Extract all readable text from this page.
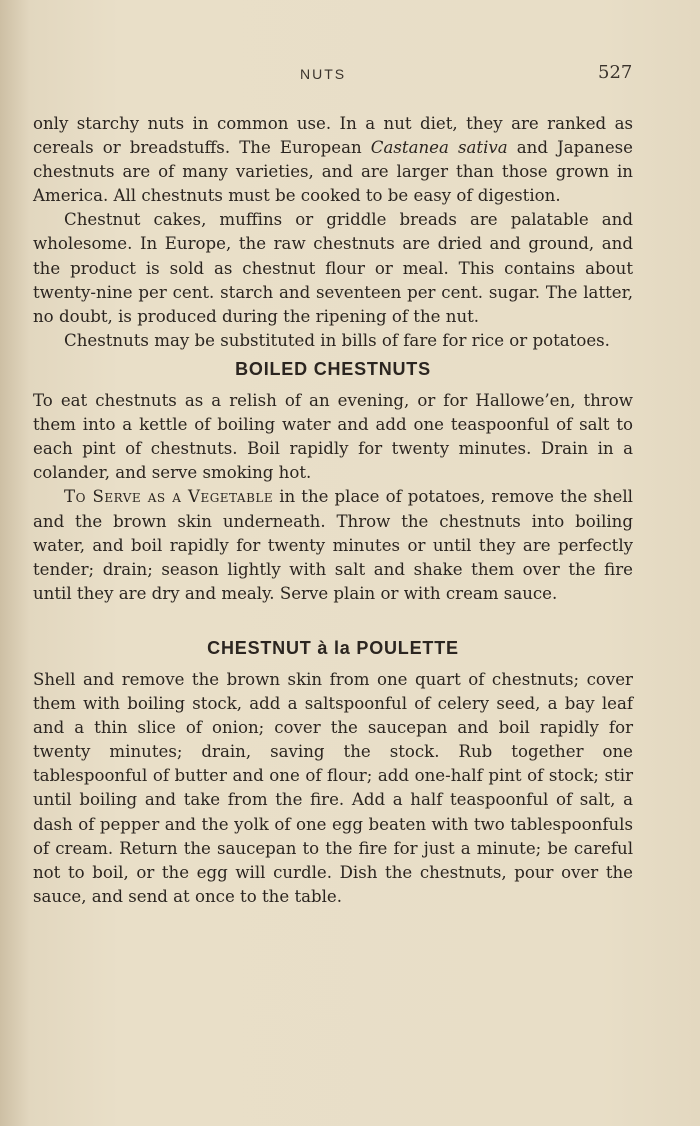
NUTS	527

only starchy nuts in common use. In a nut diet, they are ranked as cereals or breadstuffs. The European Castanea sativa and Japanese chestnuts are of many varieties, and are larger than those grown in America. All chestnuts must be cooked to be easy of digestion.

Chestnut cakes, muffins or griddle breads are palatable and wholesome. In Europe, the raw chestnuts are dried and ground, and the product is sold as chestnut flour or meal. This contains about twenty-nine per cent. starch and seventeen per cent. sugar. The latter, no doubt, is produced during the ripening of the nut.

Chestnuts may be substituted in bills of fare for rice or potatoes.

BOILED CHESTNUTS

To eat chestnuts as a relish of an evening, or for Hallowe’en, throw them into a kettle of boiling water and add one teaspoonful of salt to each pint of chestnuts. Boil rapidly for twenty minutes. Drain in a colander, and serve smoking hot.

To Serve as a Vegetable in the place of potatoes, remove the shell and the brown skin underneath. Throw the chestnuts into boiling water, and boil rapidly for twenty minutes or until they are perfectly tender; drain; season lightly with salt and shake them over the fire until they are dry and mealy. Serve plain or with cream sauce.

CHESTNUT à la POULETTE

Shell and remove the brown skin from one quart of chestnuts; cover them with boiling stock, add a saltspoonful of celery seed, a bay leaf and a thin slice of onion; cover the saucepan and boil rapidly for twenty minutes; drain, saving the stock. Rub together one tablespoonful of butter and one of flour; add one-half pint of stock; stir until boiling and take from the fire. Add a half teaspoonful of salt, a dash of pepper and the yolk of one egg beaten with two tablespoonfuls of cream. Return the saucepan to the fire for just a minute; be careful not to boil, or the egg will curdle. Dish the chestnuts, pour over the sauce, and send at once to the table.
